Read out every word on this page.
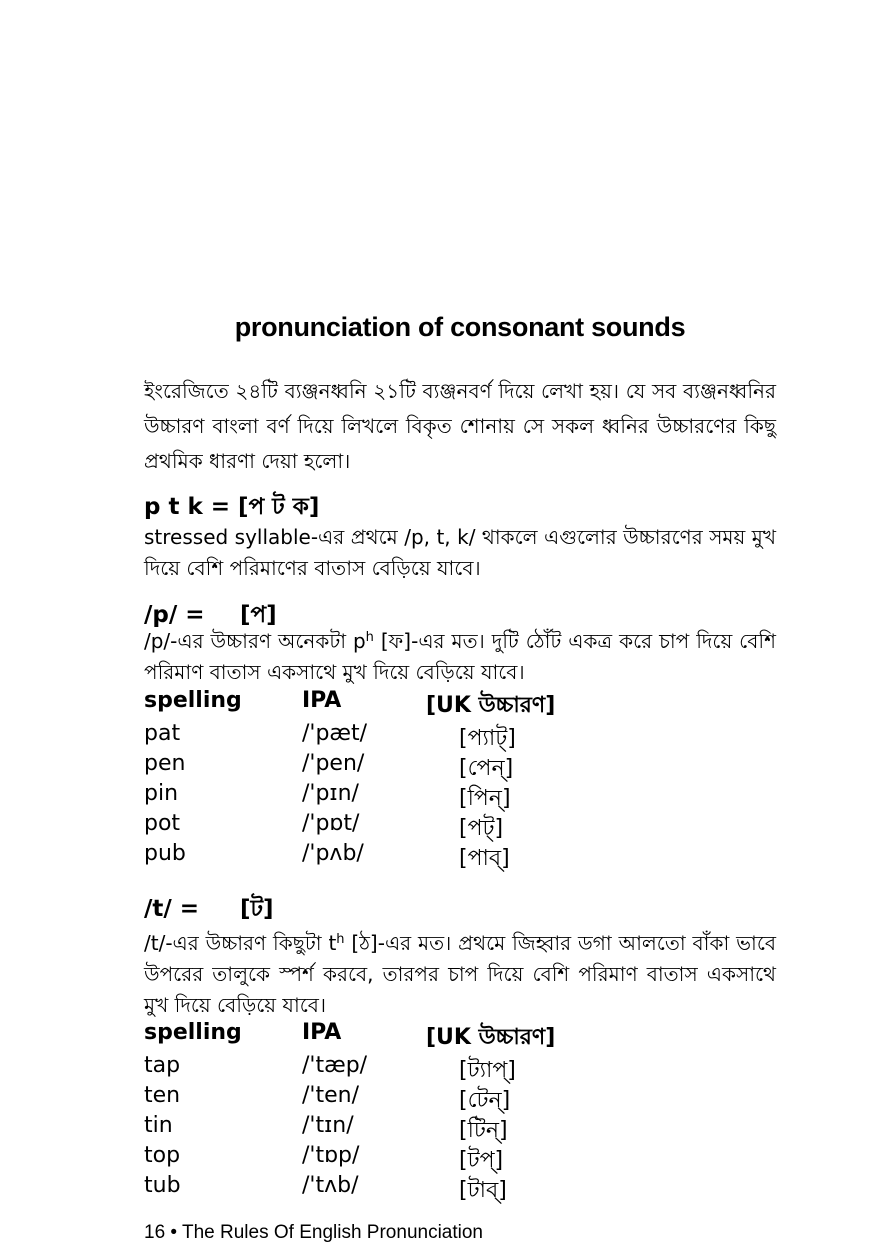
pronunciation of consonant sounds
ইংরেজিতে ২৪টি ব্যঞ্জনধ্বনি ২১টি ব্যঞ্জনবর্ণ দিয়ে লেখা হয়। যে সব ব্যঞ্জনধ্বনির উচ্চারণ বাংলা বর্ণ দিয়ে লিখলে বিকৃত শোনায় সে সকল ধ্বনির উচ্চারণের কিছু প্রথমিক ধারণা দেয়া হলো।
p t k = [প ট ক]
stressed syllable-এর প্রথমে /p, t, k/ থাকলে এগুলোর উচ্চারণের সময় মুখ দিয়ে বেশি পরিমাণের বাতাস বেড়িয়ে যাবে।
/p/ = [প]
/p/-এর উচ্চারণ অনেকটা $p^h$ [ফ]-এর মত। দুটি ঠোঁট একত্র করে চাপ দিয়ে বেশি পরিমাণ বাতাস একসাথে মুখ দিয়ে বেড়িয়ে যাবে।
spelling	IPA	[UK উচ্চারণ]
pat	/'pæt/	[প্যাট্]
pen	/'pen/	[পেন্]
pin	/'pɪn/	[পিন্]
pot	/'pɒt/	[পট্]
pub	/'pʌb/	[পাব্]
/t/ = [ট]
/t/-এর উচ্চারণ কিছুটা $t^h$ [ঠ]-এর মত। প্রথমে জিহ্বার ডগা আলতো বাঁকা ভাবে উপরের তালুকে স্পর্শ করবে, তারপর চাপ দিয়ে বেশি পরিমাণ বাতাস একসাথে মুখ দিয়ে বেড়িয়ে যাবে।
spelling	IPA	[UK উচ্চারণ]
tap	/'tæp/	[ট্যাপ্]
ten	/'ten/	[টেন্]
tin	/'tɪn/	[টিন্]
top	/'tɒp/	[টপ্]
tub	/'tʌb/	[টাব্]
16 • The Rules Of English Pronunciation
